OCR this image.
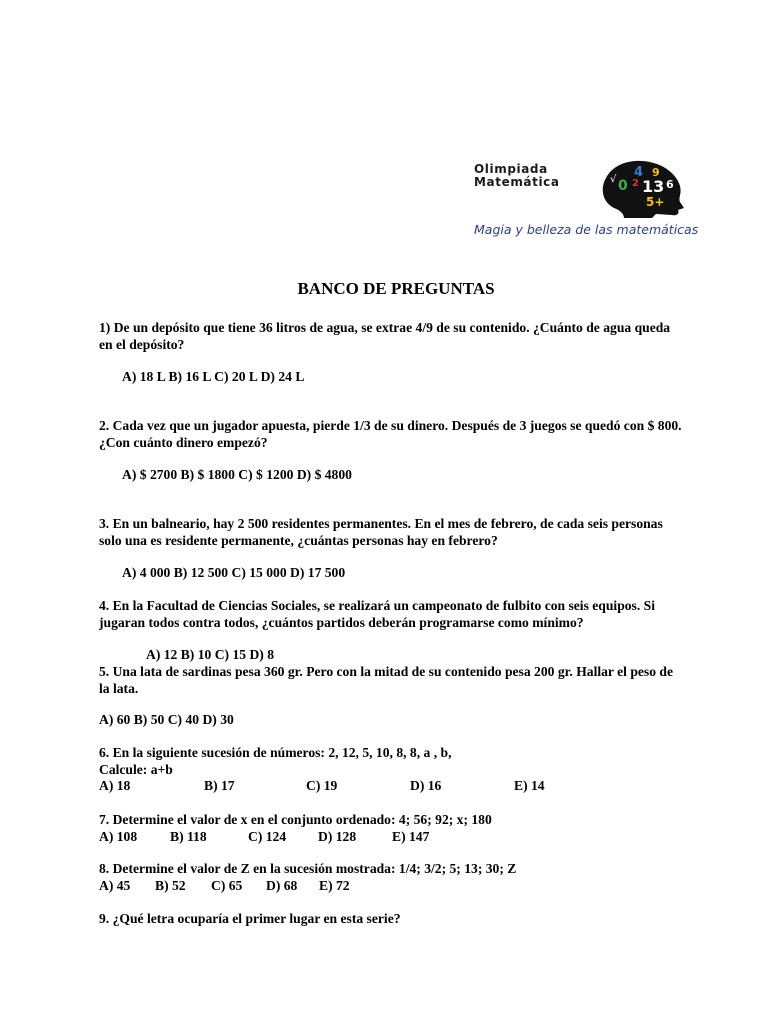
Olimpiada
Matemática
4 9
0 2 13 6
5+
√
Magia y belleza de las matemáticas
BANCO DE PREGUNTAS

1) De un depósito que tiene 36 litros de agua, se extrae 4/9 de su contenido. ¿Cuánto de agua queda

en el depósito?

A) 18 L B) 16 L C) 20 L D) 24 L

2. Cada vez que un jugador apuesta, pierde 1/3 de su dinero. Después de 3 juegos se quedó con $ 800.

¿Con cuánto dinero empezó?

A) $ 2700 B) $ 1800 C) $ 1200 D) $ 4800

3. En un balneario, hay 2 500 residentes permanentes. En el mes de febrero, de cada seis personas

solo una es residente permanente, ¿cuántas personas hay en febrero?

A) 4 000 B) 12 500 C) 15 000 D) 17 500

4. En la Facultad de Ciencias Sociales, se realizará un campeonato de fulbito con seis equipos. Si

jugaran todos contra todos, ¿cuántos partidos deberán programarse como mínimo?

A) 12 B) 10 C) 15 D) 8

5. Una lata de sardinas pesa 360 gr. Pero con la mitad de su contenido pesa 200 gr. Hallar el peso de

la lata.

A) 60 B) 50 C) 40 D) 30
6. En la siguiente sucesión de números: 2, 12, 5, 10, 8, 8, a , b,
Calcule: a+b
A) 18	B) 17	C) 19	D) 16	E) 14
7. Determine el valor de x en el conjunto ordenado: 4; 56; 92; x; 180
A) 108 B) 118	C) 124 D) 128	E) 147
8. Determine el valor de Z en la sucesión mostrada: 1/4; 3/2; 5; 13; 30; Z
A) 45 B) 52 C) 65 D) 68 E) 72
9. ¿Qué letra ocuparía el primer lugar en esta serie?
